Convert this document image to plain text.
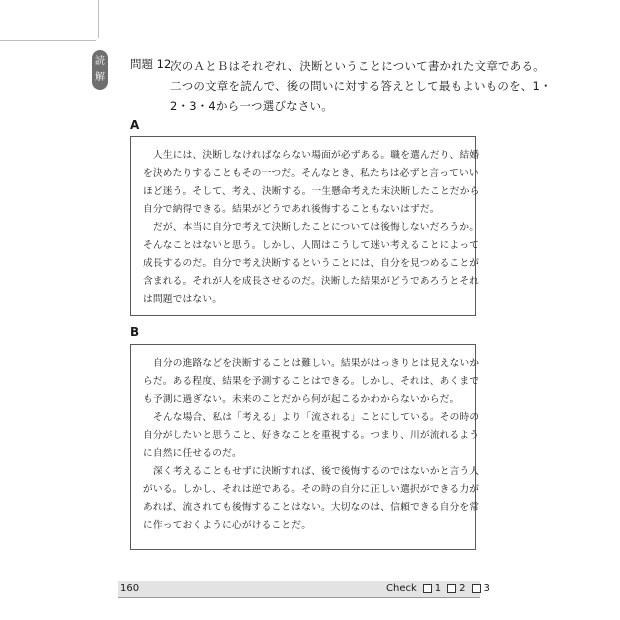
読
解
問題 12
次のＡとＢはそれぞれ、決断ということについて書かれた文章である。
二つの文章を読んで、後の問いに対する答えとして最もよいものを、1・
2・3・4から一つ選びなさい。
A
人生には、決断しなければならない場面が必ずある。職を選んだり、結婚
を決めたりすることもその一つだ。そんなとき、私たちは必ずと言っていい
ほど迷う。そして、考え、決断する。一生懸命考えた末決断したことだから
自分で納得できる。結果がどうであれ後悔することもないはずだ。
だが、本当に自分で考えて決断したことについては後悔しないだろうか。
そんなことはないと思う。しかし、人間はこうして迷い考えることによって
成長するのだ。自分で考え決断するということには、自分を見つめることが
含まれる。それが人を成長させるのだ。決断した結果がどうであろうとそれ
は問題ではない。
B
自分の進路などを決断することは難しい。結果がはっきりとは見えないか
らだ。ある程度、結果を予測することはできる。しかし、それは、あくまで
も予測に過ぎない。未来のことだから何が起こるかわからないからだ。
そんな場合、私は「考える」より「流される」ことにしている。その時の
自分がしたいと思うこと、好きなことを重視する。つまり、川が流れるよう
に自然に任せるのだ。
深く考えることもせずに決断すれば、後で後悔するのではないかと言う人
がいる。しかし、それは逆である。その時の自分に正しい選択ができる力が
あれば、流されても後悔することはない。大切なのは、信頼できる自分を常
に作っておくように心がけることだ。
160	Check 1 2 3
